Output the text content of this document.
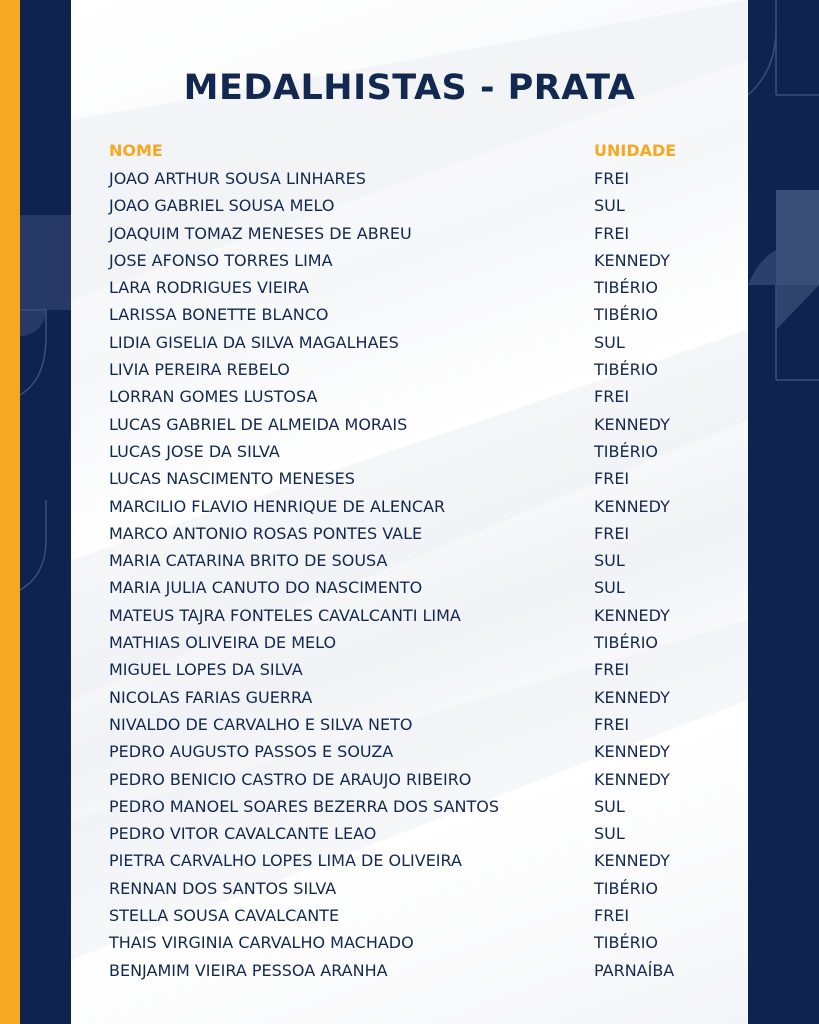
MEDALHISTAS - PRATA
NOME	UNIDADE
JOAO ARTHUR SOUSA LINHARES	FREI
JOAO GABRIEL SOUSA MELO	SUL
JOAQUIM TOMAZ MENESES DE ABREU	FREI
JOSE AFONSO TORRES LIMA	KENNEDY
LARA RODRIGUES VIEIRA	TIBÉRIO
LARISSA BONETTE BLANCO	TIBÉRIO
LIDIA GISELIA DA SILVA MAGALHAES	SUL
LIVIA PEREIRA REBELO	TIBÉRIO
LORRAN GOMES LUSTOSA	FREI
LUCAS GABRIEL DE ALMEIDA MORAIS	KENNEDY
LUCAS JOSE DA SILVA	TIBÉRIO
LUCAS NASCIMENTO MENESES	FREI
MARCILIO FLAVIO HENRIQUE DE ALENCAR	KENNEDY
MARCO ANTONIO ROSAS PONTES VALE	FREI
MARIA CATARINA BRITO DE SOUSA	SUL
MARIA JULIA CANUTO DO NASCIMENTO	SUL
MATEUS TAJRA FONTELES CAVALCANTI LIMA	KENNEDY
MATHIAS OLIVEIRA DE MELO	TIBÉRIO
MIGUEL LOPES DA SILVA	FREI
NICOLAS FARIAS GUERRA	KENNEDY
NIVALDO DE CARVALHO E SILVA NETO	FREI
PEDRO AUGUSTO PASSOS E SOUZA	KENNEDY
PEDRO BENICIO CASTRO DE ARAUJO RIBEIRO	KENNEDY
PEDRO MANOEL SOARES BEZERRA DOS SANTOS	SUL
PEDRO VITOR CAVALCANTE LEAO	SUL
PIETRA CARVALHO LOPES LIMA DE OLIVEIRA	KENNEDY
RENNAN DOS SANTOS SILVA	TIBÉRIO
STELLA SOUSA CAVALCANTE	FREI
THAIS VIRGINIA CARVALHO MACHADO	TIBÉRIO
BENJAMIM VIEIRA PESSOA ARANHA	PARNAÍBA
